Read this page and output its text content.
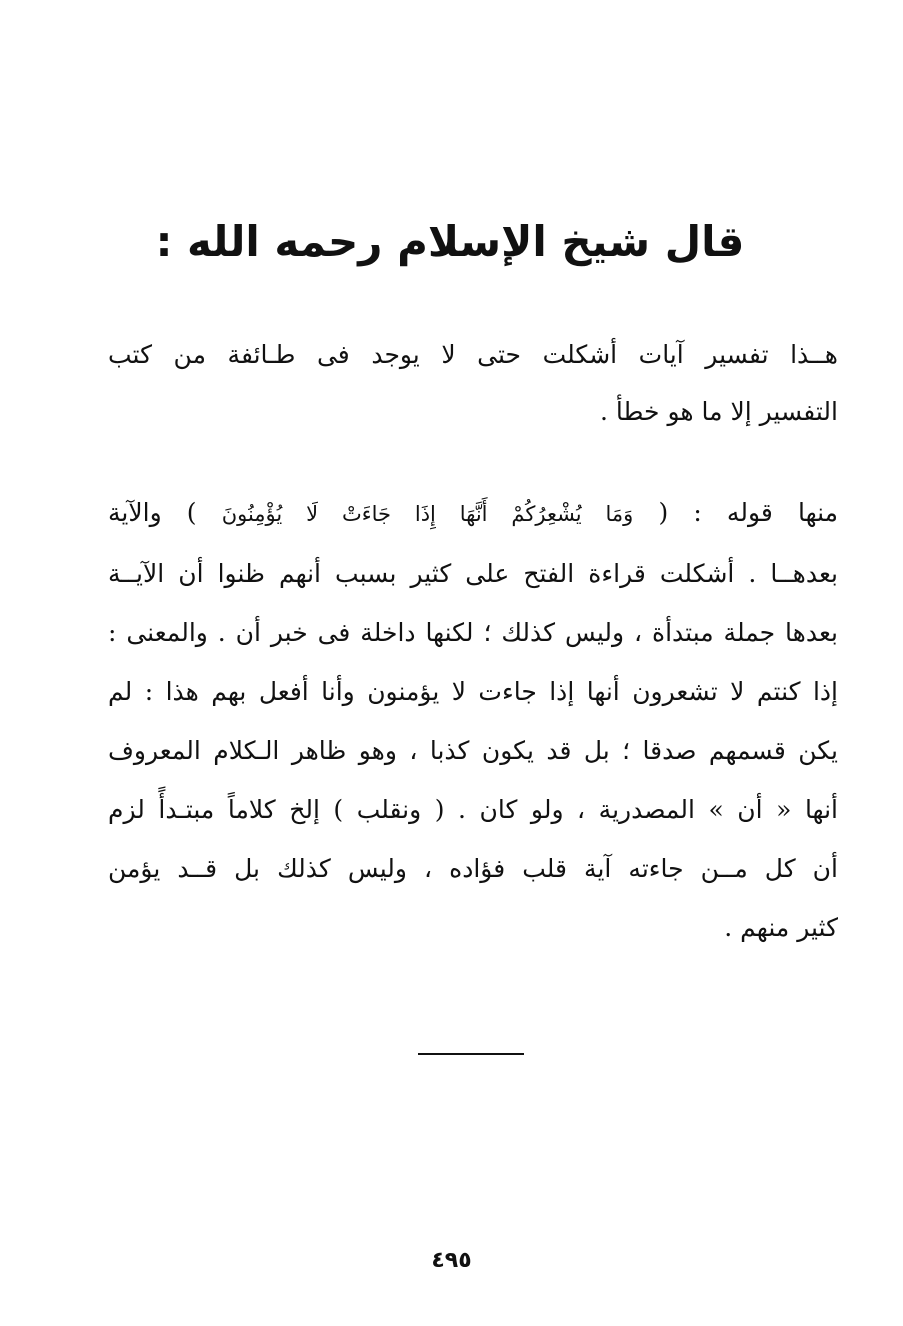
قال شيخ الإسلام رحمه الله :
هــذا تفسير آيات أشكلت حتى لا يوجد فى طـائفة من كتب
التفسير إلا ما هو خطأ .
منها قوله : ( وَمَا يُشْعِرُكُمْ أَنَّهَا إِذَا جَاءَتْ لَا يُؤْمِنُونَ ) والآية
بعدهــا . أشكلت قراءة الفتح على كثير بسبب أنهم ظنوا أن الآيــة
بعدها جملة مبتدأة ، وليس كذلك ؛ لكنها داخلة فى خبر أن . والمعنى :
إذا كنتم لا تشعرون أنها إذا جاءت لا يؤمنون وأنا أفعل بهم هذا : لم
يكن قسمهم صدقا ؛ بل قد يكون كذبا ، وهو ظاهر الـكلام المعروف
أنها « أن » المصدرية ، ولو كان . ( ونقلب ) إلخ كلاماً مبتـدأً لزم
أن كل مــن جاءته آية قلب فؤاده ، وليس كذلك بل قــد يؤمن
كثير منهم .
٤٩٥
